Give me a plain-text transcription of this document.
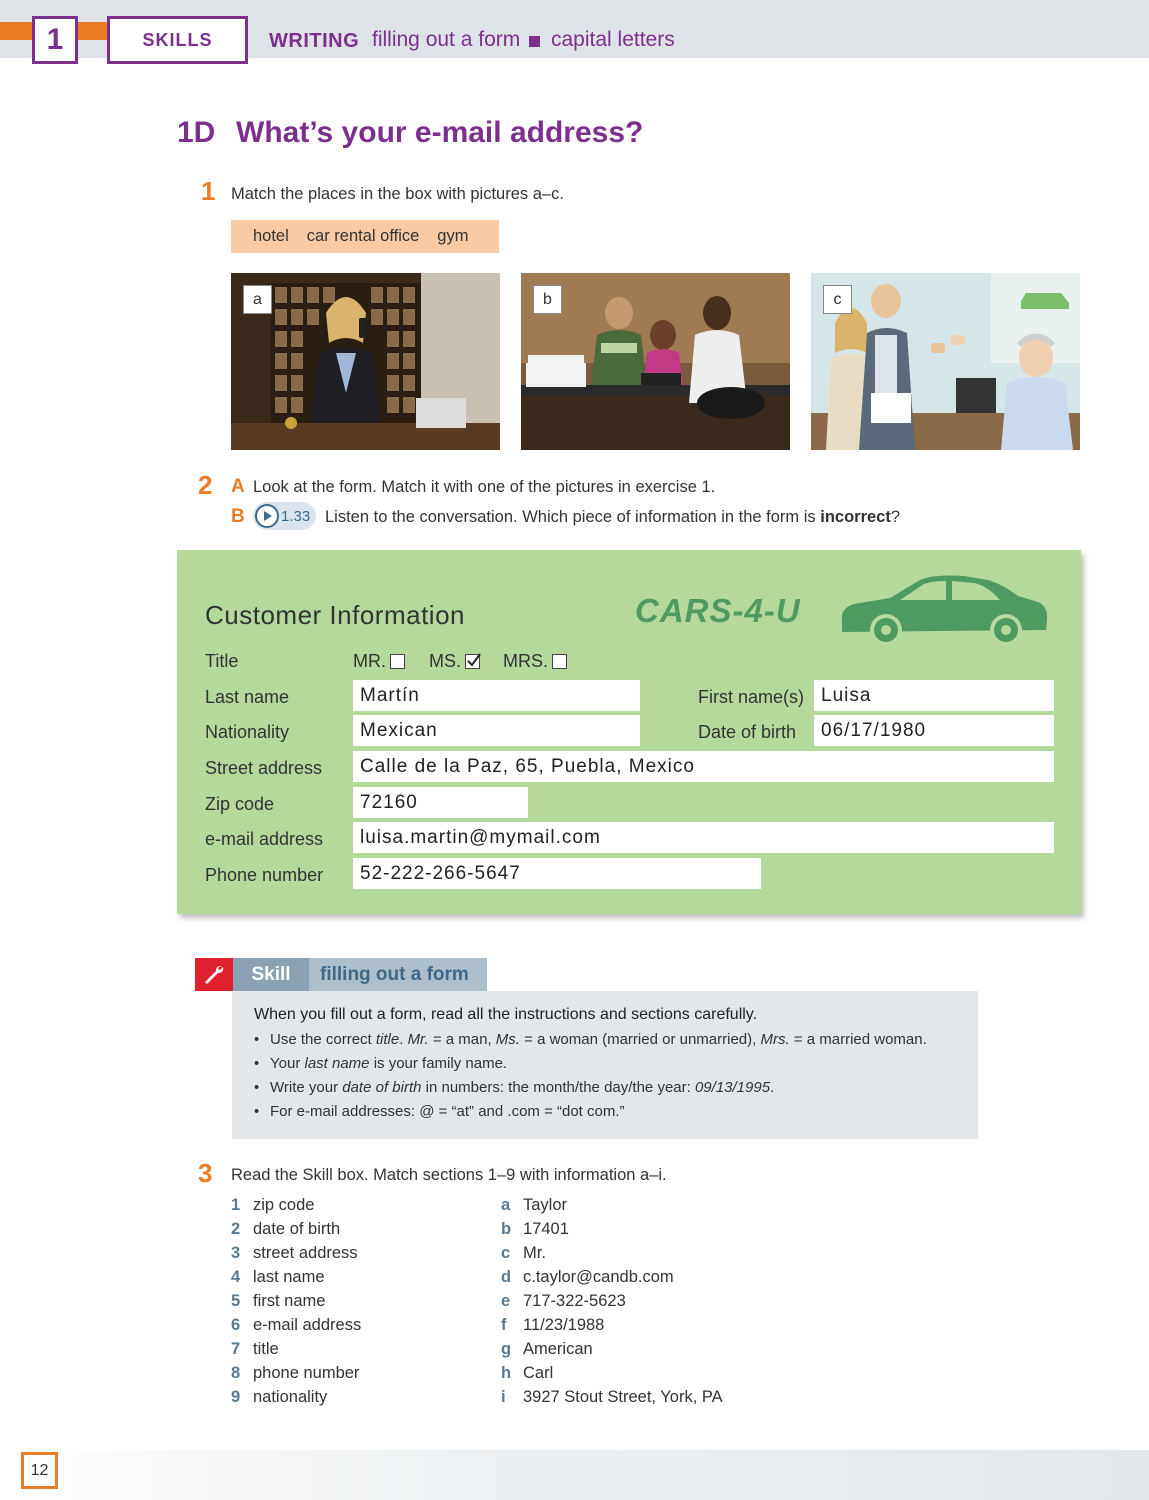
1	SKILLS	WRITING filling out a form capital letters
1D What’s your e-mail address?
1 Match the places in the box with pictures a–c.
hotel car rental office gym
a	b	c
2 A Look at the form. Match it with one of the pictures in exercise 1.
B 1.33 Listen to the conversation. Which piece of information in the form is incorrect?
Customer Information	CARS-4-U
Title	MR.	MS.	MRS.
Last name	Martín	First name(s) Luisa
Nationality	Mexican	Date of birth	06/17/1980
Street address	Calle de la Paz, 65, Puebla, Mexico
Zip code	72160
e-mail address	luisa.martin@mymail.com
Phone number	52-222-266-5647
Skill	filling out a form
When you fill out a form, read all the instructions and sections carefully.
• Use the correct title. Mr. = a man, Ms. = a woman (married or unmarried), Mrs. = a married woman.
• Your last name is your family name.
• Write your date of birth in numbers: the month/the day/the year: 09/13/1995.
• For e-mail addresses: @ = “at” and .com = “dot com.”
3 Read the Skill box. Match sections 1–9 with information a–i.
1 zip code
2 date of birth
3 street address
4 last name
5 first name
6 e-mail address
7 title
8 phone number
9 nationality
a Taylor
b 17401
c Mr.
d c.taylor@candb.com
e 717-322-5623
f 11/23/1988
g American
h Carl
i 3927 Stout Street, York, PA
12
